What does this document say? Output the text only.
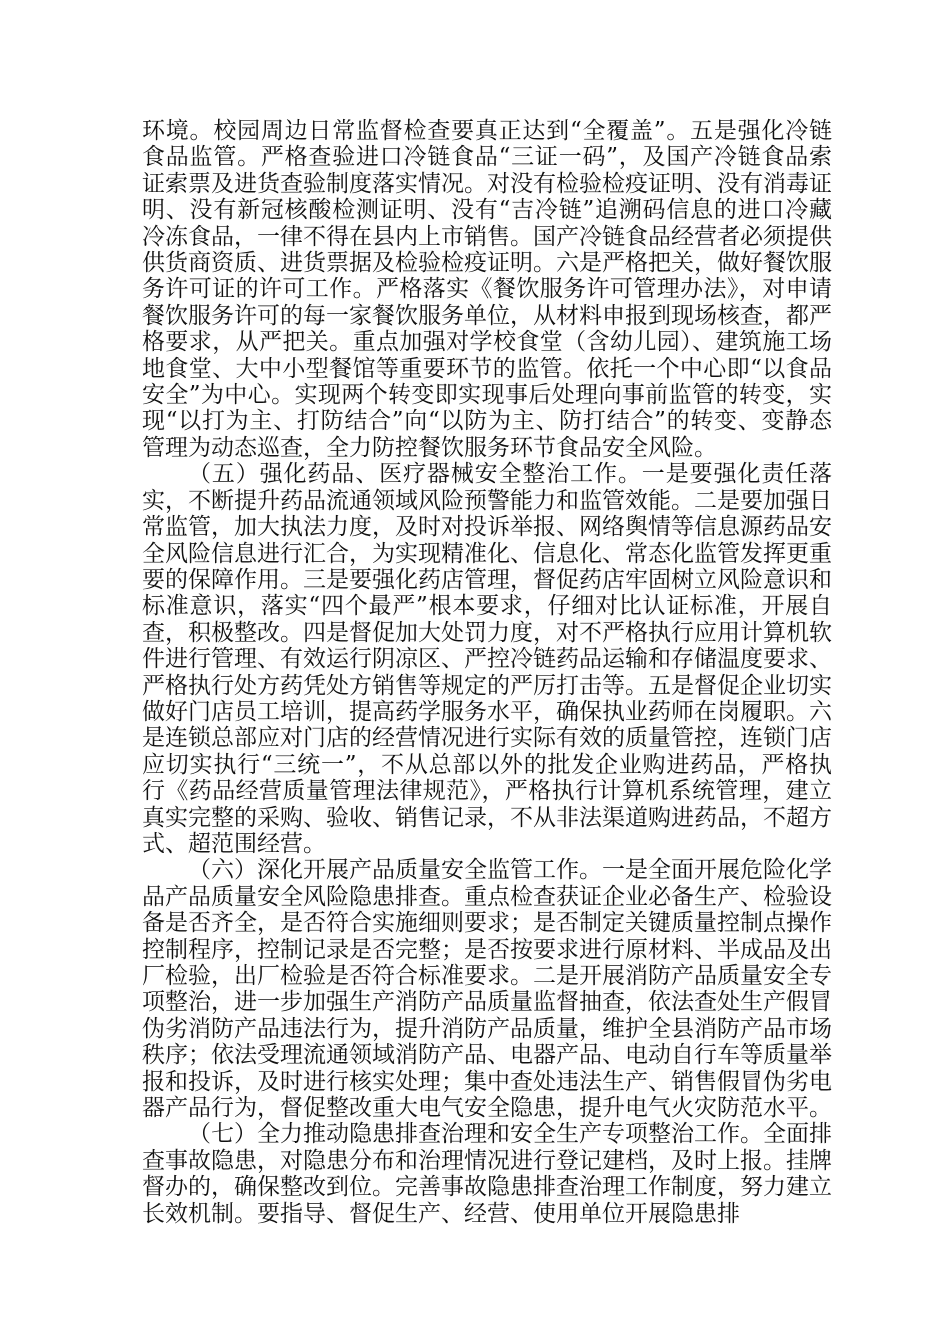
环境。校园周边日常监督检查要真正达到“全覆盖”。五是强化冷链食品监管。严格查验进口冷链食品“三证一码”，及国产冷链食品索证索票及进货查验制度落实情况。对没有检验检疫证明、没有消毒证明、没有新冠核酸检测证明、没有“吉冷链”追溯码信息的进口冷藏冷冻食品，一律不得在县内上市销售。国产冷链食品经营者必须提供供货商资质、进货票据及检验检疫证明。六是严格把关，做好餐饮服务许可证的许可工作。严格落实《餐饮服务许可管理办法》，对申请餐饮服务许可的每一家餐饮服务单位，从材料申报到现场核查，都严格要求，从严把关。重点加强对学校食堂（含幼儿园）、建筑施工场地食堂、大中小型餐馆等重要环节的监管。依托一个中心即“以食品安全”为中心。实现两个转变即实现事后处理向事前监管的转变，实现“以打为主、打防结合”向“以防为主、防打结合”的转变、变静态管理为动态巡查，全力防控餐饮服务环节食品安全风险。

（五）强化药品、医疗器械安全整治工作。一是要强化责任落实，不断提升药品流通领域风险预警能力和监管效能。二是要加强日常监管，加大执法力度，及时对投诉举报、网络舆情等信息源药品安全风险信息进行汇合，为实现精准化、信息化、常态化监管发挥更重要的保障作用。三是要强化药店管理，督促药店牢固树立风险意识和标准意识，落实“四个最严”根本要求，仔细对比认证标准，开展自查，积极整改。四是督促加大处罚力度，对不严格执行应用计算机软件进行管理、有效运行阴凉区、严控冷链药品运输和存储温度要求、严格执行处方药凭处方销售等规定的严厉打击等。五是督促企业切实做好门店员工培训，提高药学服务水平，确保执业药师在岗履职。六是连锁总部应对门店的经营情况进行实际有效的质量管控，连锁门店应切实执行“三统一”，不从总部以外的批发企业购进药品，严格执行《药品经营质量管理法律规范》，严格执行计算机系统管理，建立真实完整的采购、验收、销售记录，不从非法渠道购进药品，不超方式、超范围经营。

（六）深化开展产品质量安全监管工作。一是全面开展危险化学品产品质量安全风险隐患排查。重点检查获证企业必备生产、检验设备是否齐全，是否符合实施细则要求；是否制定关键质量控制点操作控制程序，控制记录是否完整；是否按要求进行原材料、半成品及出厂检验，出厂检验是否符合标准要求。二是开展消防产品质量安全专项整治，进一步加强生产消防产品质量监督抽查，依法查处生产假冒伪劣消防产品违法行为，提升消防产品质量，维护全县消防产品市场秩序；依法受理流通领域消防产品、电器产品、电动自行车等质量举报和投诉，及时进行核实处理；集中查处违法生产、销售假冒伪劣电器产品行为，督促整改重大电气安全隐患，提升电气火灾防范水平。

（七）全力推动隐患排查治理和安全生产专项整治工作。全面排查事故隐患，对隐患分布和治理情况进行登记建档，及时上报。挂牌督办的，确保整改到位。完善事故隐患排查治理工作制度，努力建立长效机制。要指导、督促生产、经营、使用单位开展隐患排
